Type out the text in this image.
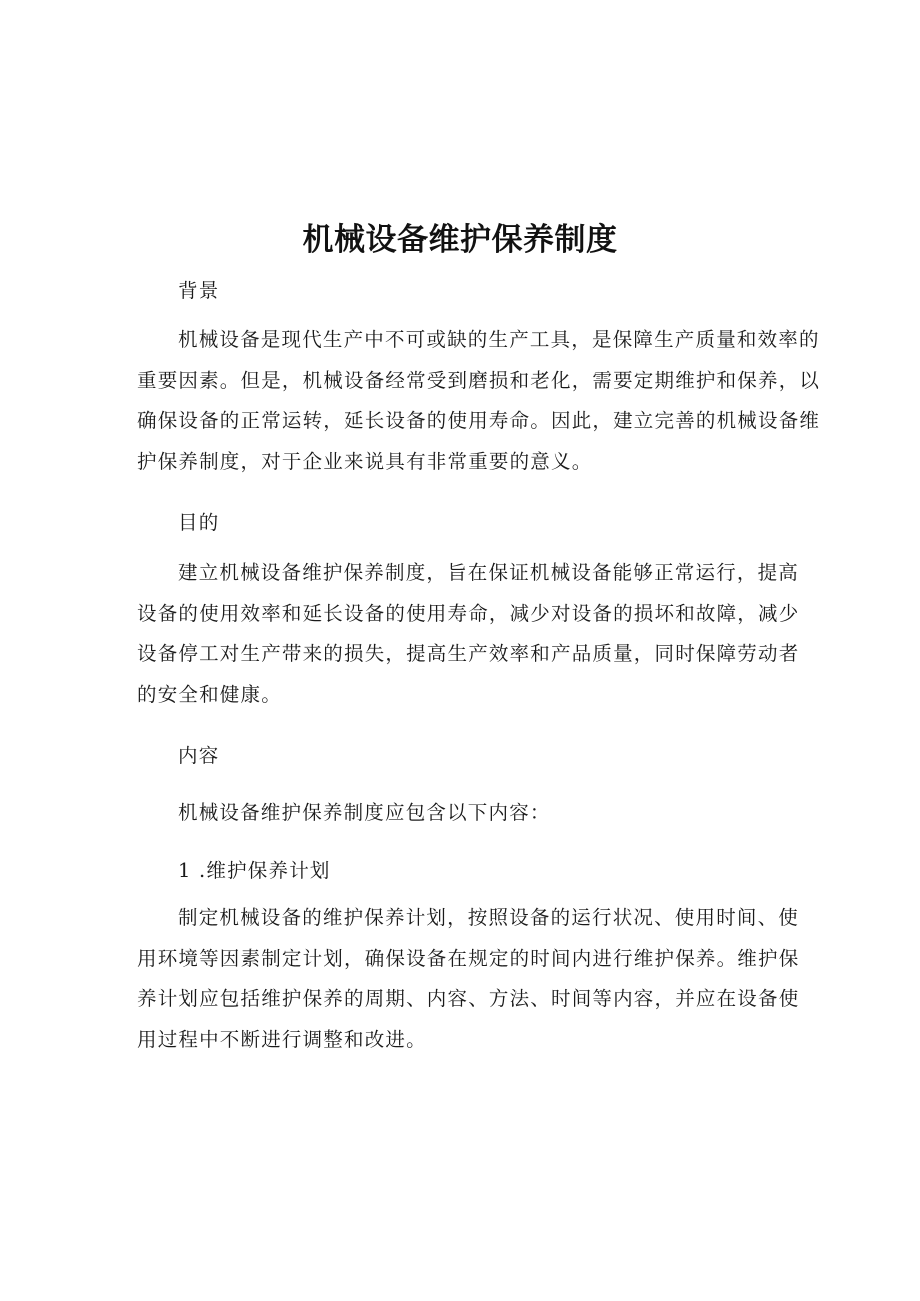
机械设备维护保养制度

背景

机械设备是现代生产中不可或缺的生产工具，是保障生产质量和效率的
重要因素。但是，机械设备经常受到磨损和老化，需要定期维护和保养，以
确保设备的正常运转，延长设备的使用寿命。因此，建立完善的机械设备维
护保养制度，对于企业来说具有非常重要的意义。

目的

建立机械设备维护保养制度，旨在保证机械设备能够正常运行，提高
设备的使用效率和延长设备的使用寿命，减少对设备的损坏和故障，减少
设备停工对生产带来的损失，提高生产效率和产品质量，同时保障劳动者
的安全和健康。

内容

机械设备维护保养制度应包含以下内容：

1 .维护保养计划

制定机械设备的维护保养计划，按照设备的运行状况、使用时间、使
用环境等因素制定计划，确保设备在规定的时间内进行维护保养。维护保
养计划应包括维护保养的周期、内容、方法、时间等内容，并应在设备使
用过程中不断进行调整和改进。
